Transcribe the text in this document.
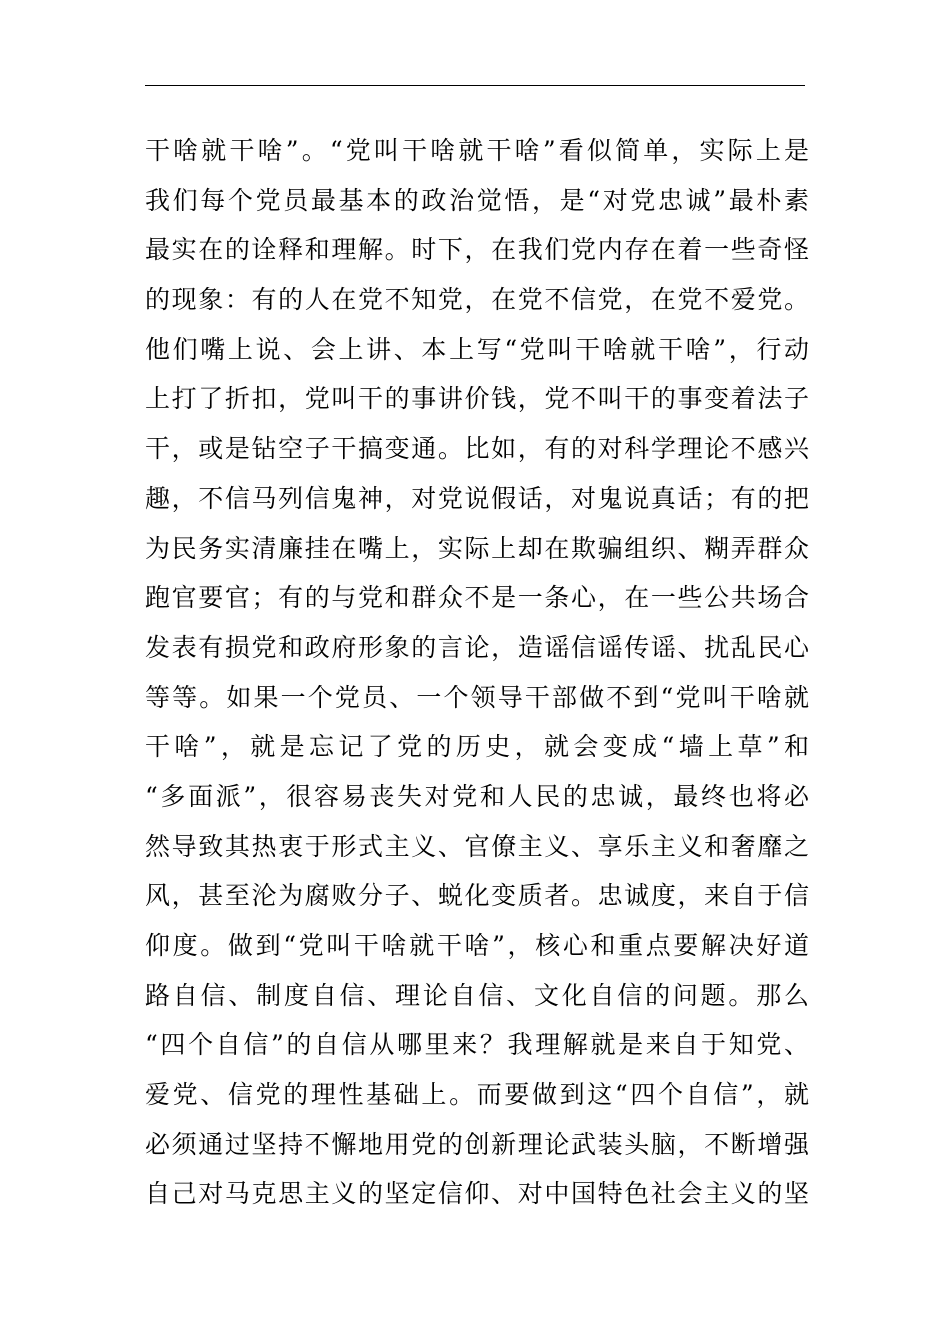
干啥就干啥”。“党叫干啥就干啥”看似简单，实际上是
我们每个党员最基本的政治觉悟，是“对党忠诚”最朴素
最实在的诠释和理解。时下，在我们党内存在着一些奇怪
的现象：有的人在党不知党，在党不信党，在党不爱党。
他们嘴上说、会上讲、本上写“党叫干啥就干啥”，行动
上打了折扣，党叫干的事讲价钱，党不叫干的事变着法子
干，或是钻空子干搞变通。比如，有的对科学理论不感兴
趣，不信马列信鬼神，对党说假话，对鬼说真话；有的把
为民务实清廉挂在嘴上，实际上却在欺骗组织、糊弄群众
跑官要官；有的与党和群众不是一条心，在一些公共场合
发表有损党和政府形象的言论，造谣信谣传谣、扰乱民心
等等。如果一个党员、一个领导干部做不到“党叫干啥就
干啥”，就是忘记了党的历史，就会变成“墙上草”和
“多面派”，很容易丧失对党和人民的忠诚，最终也将必
然导致其热衷于形式主义、官僚主义、享乐主义和奢靡之
风，甚至沦为腐败分子、蜕化变质者。忠诚度，来自于信
仰度。做到“党叫干啥就干啥”，核心和重点要解决好道
路自信、制度自信、理论自信、文化自信的问题。那么
“四个自信”的自信从哪里来？我理解就是来自于知党、
爱党、信党的理性基础上。而要做到这“四个自信”，就
必须通过坚持不懈地用党的创新理论武装头脑，不断增强
自己对马克思主义的坚定信仰、对中国特色社会主义的坚
